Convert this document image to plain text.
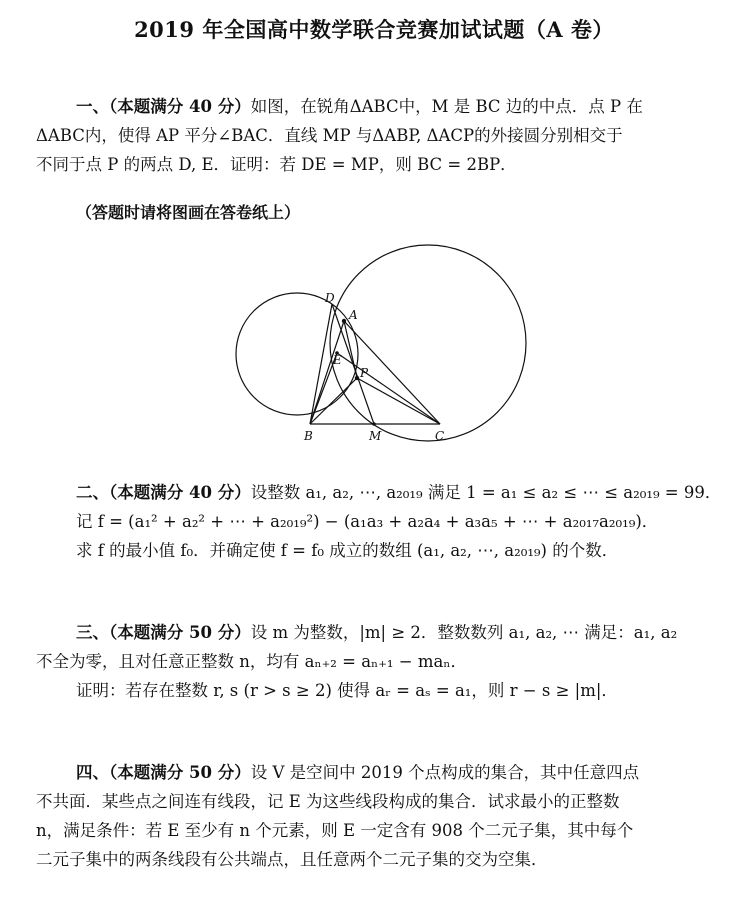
2019 年全国高中数学联合竞赛加试试题（A 卷）
一、（本题满分 40 分）如图，在锐角ΔABC中，M 是 BC 边的中点．点 P 在
ΔABC内，使得 AP 平分∠BAC．直线 MP 与ΔABP, ΔACP的外接圆分别相交于
不同于点 P 的两点 D, E．证明：若 DE = MP，则 BC = 2BP．
（答题时请将图画在答卷纸上）
D
A
E
P
B	M	C
二、（本题满分 40 分）设整数 a₁, a₂, ⋯, a₂₀₁₉ 满足 1 = a₁ ≤ a₂ ≤ ⋯ ≤ a₂₀₁₉ = 99．
记 f = (a₁² + a₂² + ⋯ + a₂₀₁₉²) − (a₁a₃ + a₂a₄ + a₃a₅ + ⋯ + a₂₀₁₇a₂₀₁₉)．
求 f 的最小值 f₀．并确定使 f = f₀ 成立的数组 (a₁, a₂, ⋯, a₂₀₁₉) 的个数．
三、（本题满分 50 分）设 m 为整数，|m| ≥ 2．整数数列 a₁, a₂, ⋯ 满足：a₁, a₂
不全为零，且对任意正整数 n，均有 aₙ₊₂ = aₙ₊₁ − maₙ．
证明：若存在整数 r, s (r > s ≥ 2) 使得 aᵣ = aₛ = a₁，则 r − s ≥ |m|．
四、（本题满分 50 分）设 V 是空间中 2019 个点构成的集合，其中任意四点
不共面．某些点之间连有线段，记 E 为这些线段构成的集合．试求最小的正整数
n，满足条件：若 E 至少有 n 个元素，则 E 一定含有 908 个二元子集，其中每个
二元子集中的两条线段有公共端点，且任意两个二元子集的交为空集．
